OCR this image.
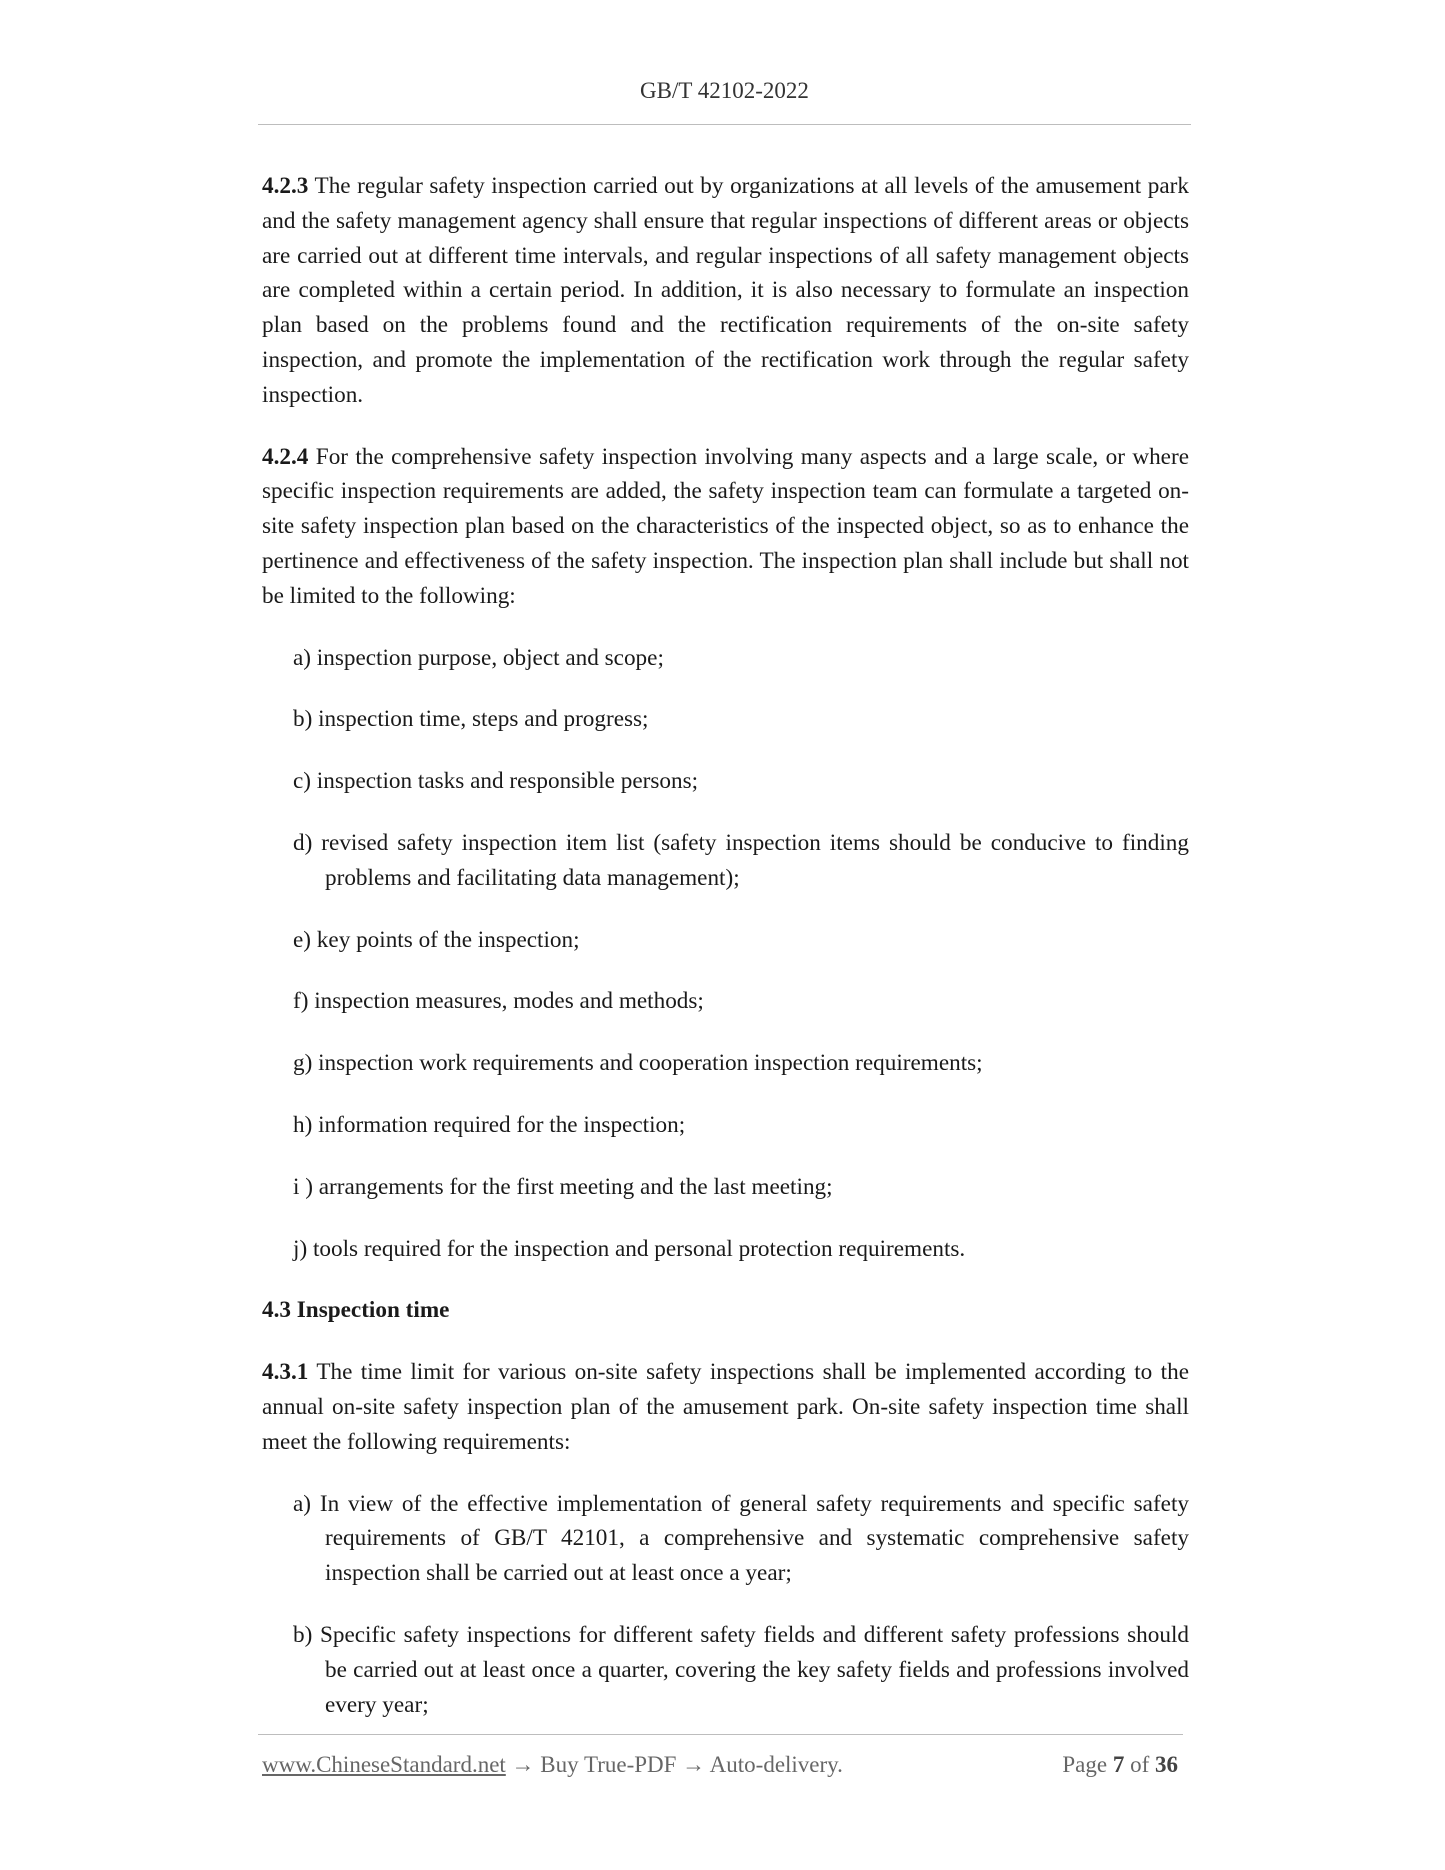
GB/T 42102-2022

4.2.3 The regular safety inspection carried out by organizations at all levels of the amusement park and the safety management agency shall ensure that regular inspections of different areas or objects are carried out at different time intervals, and regular inspections of all safety management objects are completed within a certain period. In addition, it is also necessary to formulate an inspection plan based on the problems found and the rectification requirements of the on-site safety inspection, and promote the implementation of the rectification work through the regular safety inspection.

4.2.4 For the comprehensive safety inspection involving many aspects and a large scale, or where specific inspection requirements are added, the safety inspection team can formulate a targeted on-site safety inspection plan based on the characteristics of the inspected object, so as to enhance the pertinence and effectiveness of the safety inspection. The inspection plan shall include but shall not be limited to the following:

a) inspection purpose, object and scope;

b) inspection time, steps and progress;

c) inspection tasks and responsible persons;

d) revised safety inspection item list (safety inspection items should be conducive to finding problems and facilitating data management);

e) key points of the inspection;

f) inspection measures, modes and methods;

g) inspection work requirements and cooperation inspection requirements;

h) information required for the inspection;

i ) arrangements for the first meeting and the last meeting;

j) tools required for the inspection and personal protection requirements.

4.3 Inspection time

4.3.1 The time limit for various on-site safety inspections shall be implemented according to the annual on-site safety inspection plan of the amusement park. On-site safety inspection time shall meet the following requirements:

a) In view of the effective implementation of general safety requirements and specific safety requirements of GB/T 42101, a comprehensive and systematic comprehensive safety inspection shall be carried out at least once a year;

b) Specific safety inspections for different safety fields and different safety professions should be carried out at least once a quarter, covering the key safety fields and professions involved every year;

www.ChineseStandard.net → Buy True-PDF → Auto-delivery.	Page 7 of 36
